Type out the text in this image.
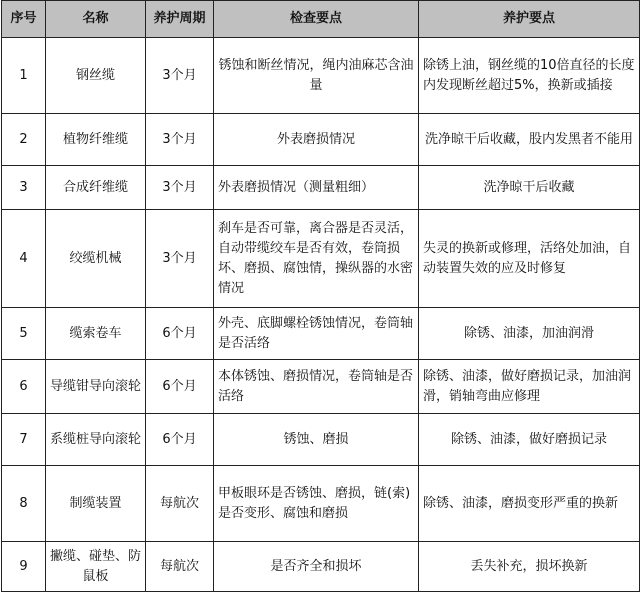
序号	名称	养护周期	检查要点	养护要点
1	钢丝缆	3个月	锈蚀和断丝情况，绳内油麻芯含油量	除锈上油，钢丝缆的10倍直径的长度内发现断丝超过5%，换新或插接
2	植物纤维缆	3个月	外表磨损情况	洗净晾干后收藏，股内发黑者不能用
3	合成纤维缆	3个月	外表磨损情况（测量粗细）	洗净晾干后收藏
4	绞缆机械	3个月	刹车是否可靠，离合器是否灵活，自动带缆绞车是否有效，卷筒损坏、磨损、腐蚀情，操纵器的水密情况	失灵的换新或修理，活络处加油，自动装置失效的应及时修复
5	缆索卷车	6个月	外壳、底脚螺栓锈蚀情况，卷筒轴是否活络	除锈、油漆，加油润滑
6	导缆钳导向滚轮	6个月	本体锈蚀、磨损情况，卷筒轴是否活络	除锈、油漆，做好磨损记录，加油润滑，销轴弯曲应修理
7	系缆桩导向滚轮	6个月	锈蚀、磨损	除锈、油漆，做好磨损记录
8	制缆装置	每航次	甲板眼环是否锈蚀、磨损，链(索)是否变形、腐蚀和磨损	除锈、油漆，磨损变形严重的换新
9	撇缆、碰垫、防鼠板	每航次	是否齐全和损坏	丢失补充，损坏换新
